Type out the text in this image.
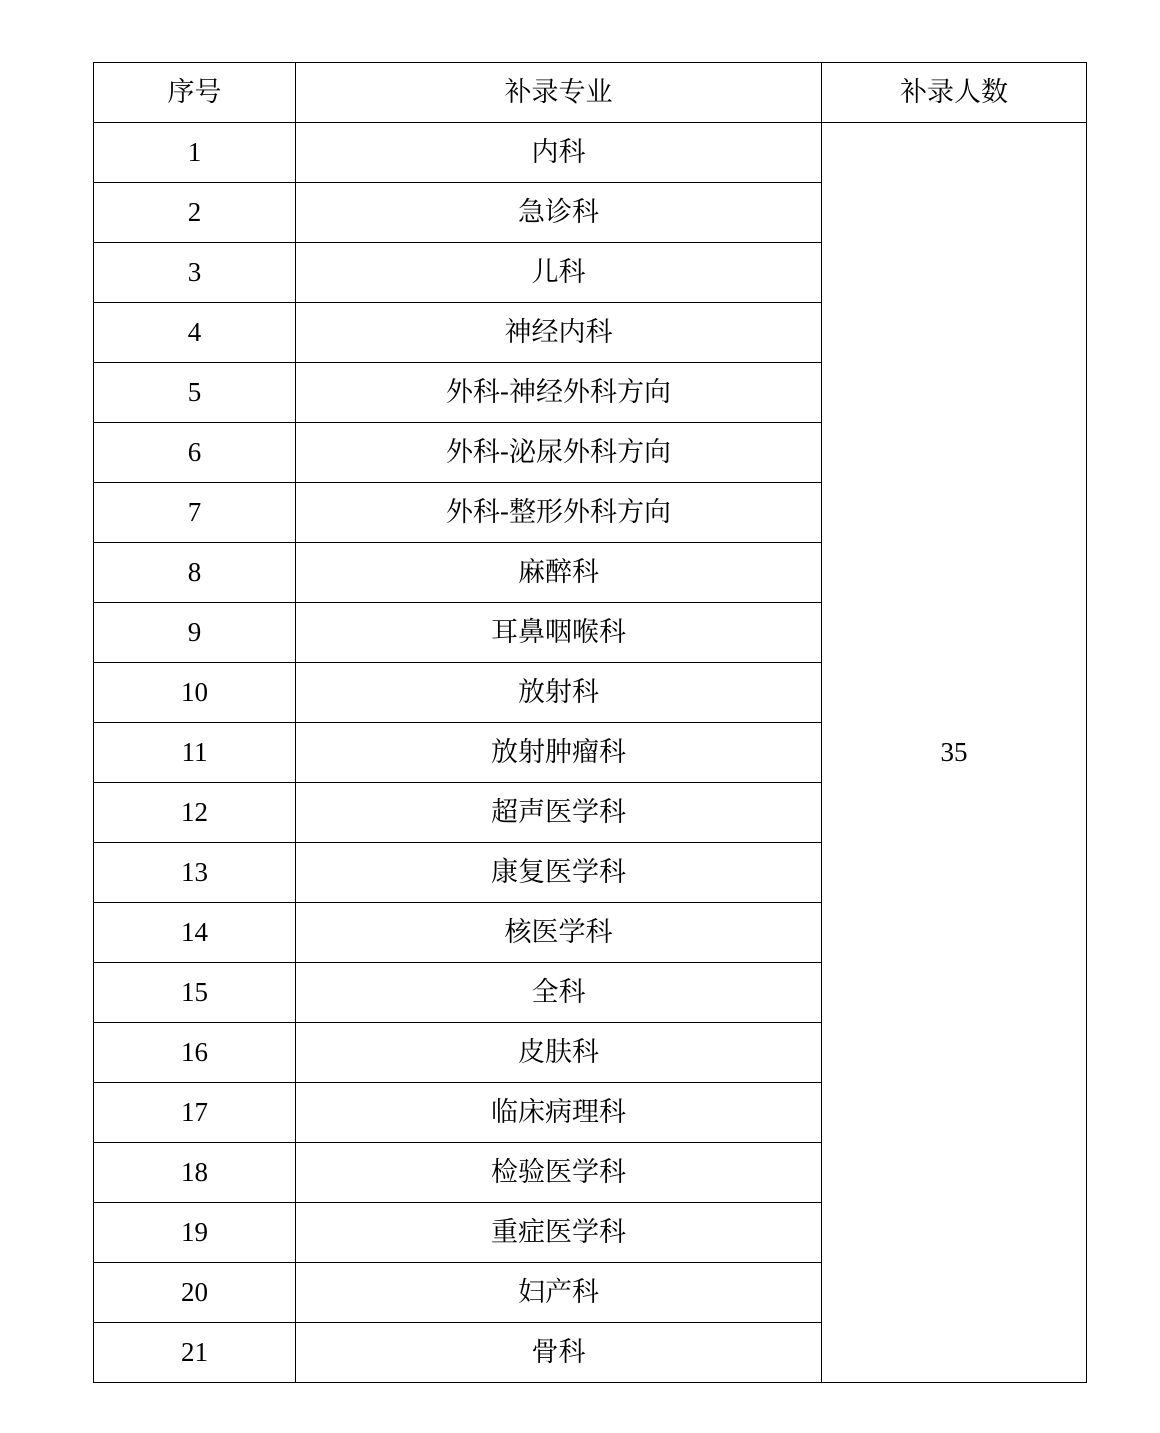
序号	补录专业	补录人数
1	内科	35
2	急诊科	
3	儿科	
4	神经内科	
5	外科-神经外科方向	
6	外科-泌尿外科方向	
7	外科-整形外科方向	
8	麻醉科	
9	耳鼻咽喉科	
10	放射科	
11	放射肿瘤科	
12	超声医学科	
13	康复医学科	
14	核医学科	
15	全科	
16	皮肤科	
17	临床病理科	
18	检验医学科	
19	重症医学科	
20	妇产科	
21	骨科	
